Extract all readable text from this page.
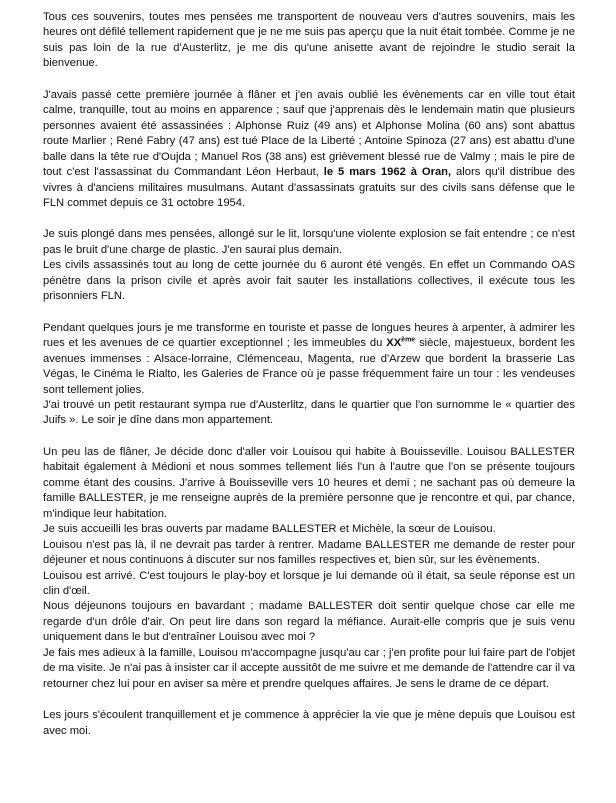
Tous ces souvenirs, toutes mes pensées me transportent de nouveau vers d'autres souvenirs, mais les heures ont défilé tellement rapidement que je ne me suis pas aperçu que la nuit était tombée. Comme je ne suis pas loin de la rue d'Austerlitz, je me dis qu'une anisette avant de rejoindre le studio serait la bienvenue.

J'avais passé cette première journée à flâner et j'en avais oublié les évènements car en ville tout était calme, tranquille, tout au moins en apparence ; sauf que j'apprenais dès le lendemain matin que plusieurs personnes avaient été assassinées : Alphonse Ruiz (49 ans) et Alphonse Molina (60 ans) sont abattus route Marlier ; René Fabry (47 ans) est tué Place de la Liberté ; Antoine Spinoza (27 ans) est abattu d'une balle dans la tête rue d'Oujda ; Manuel Ros (38 ans) est grièvement blessé rue de Valmy ; mais le pire de tout c'est l'assassinat du Commandant Léon Herbaut, le 5 mars 1962 à Oran, alors qu'il distribue des vivres à d'anciens militaires musulmans. Autant d'assassinats gratuits sur des civils sans défense que le FLN commet depuis ce 31 octobre 1954.

Je suis plongé dans mes pensées, allongé sur le lit, lorsqu'une violente explosion se fait entendre ; ce n'est pas le bruit d'une charge de plastic. J'en saurai plus demain.

Les civils assassinés tout au long de cette journée du 6 auront été vengés. En effet un Commando OAS pénètre dans la prison civile et après avoir fait sauter les installations collectives, il exécute tous les prisonniers FLN.

Pendant quelques jours je me transforme en touriste et passe de longues heures à arpenter, à admirer les rues et les avenues de ce quartier exceptionnel ; les immeubles du XXème siècle, majestueux, bordent les avenues immenses : Alsace-lorraine, Clémenceau, Magenta, rue d'Arzew que bordent la brasserie Las Végas, le Cinéma le Rialto, les Galeries de France où je passe fréquemment faire un tour : les vendeuses sont tellement jolies.

J'ai trouvé un petit restaurant sympa rue d'Austerlitz, dans le quartier que l'on surnomme le « quartier des Juifs ». Le soir je dîne dans mon appartement.

Un peu las de flâner, Je décide donc d'aller voir Louisou qui habite à Bouisseville. Louisou BALLESTER habitait également à Médioni et nous sommes tellement liés l'un à l'autre que l'on se présente toujours comme étant des cousins. J'arrive à Bouisseville vers 10 heures et demi ; ne sachant pas où demeure la famille BALLESTER, je me renseigne auprès de la première personne que je rencontre et qui, par chance, m'indique leur habitation.

Je suis accueilli les bras ouverts par madame BALLESTER et Michèle, la sœur de Louisou.

Louisou n'est pas là, il ne devrait pas tarder à rentrer. Madame BALLESTER me demande de rester pour déjeuner et nous continuons à discuter sur nos familles respectives et, bien sûr, sur les évènements.

Louisou est arrivé. C'est toujours le play-boy et lorsque je lui demande où il était, sa seule réponse est un clin d'œil.

Nous déjeunons toujours en bavardant ; madame BALLESTER doit sentir quelque chose car elle me regarde d'un drôle d'air. On peut lire dans son regard la méfiance. Aurait-elle compris que je suis venu uniquement dans le but d'entraîner Louisou avec moi ?

Je fais mes adieux à la famille, Louisou m'accompagne jusqu'au car ; j'en profite pour lui faire part de l'objet de ma visite. Je n'ai pas à insister car il accepte aussitôt de me suivre et me demande de l'attendre car il va retourner chez lui pour en aviser sa mère et prendre quelques affaires. Je sens le drame de ce départ.

Les jours s'écoulent tranquillement et je commence à apprécier la vie que je mène depuis que Louisou est avec moi.
